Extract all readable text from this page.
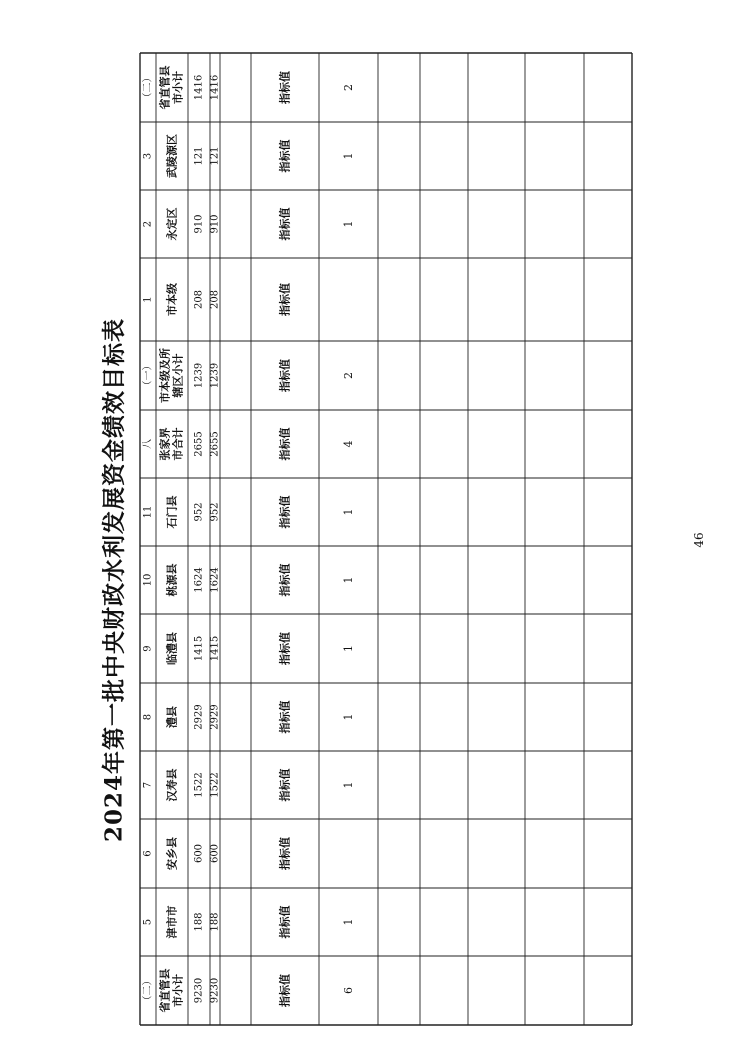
2024年第一批中央财政水利发展资金绩效目标表
（二） 省直管县 市小计 9230 9230	指标值	6
5 津市市 188 188	指标值	1
6 安乡县 600 600	指标值
7 汉寿县 1522 1522	指标值	1
8 澧县 2929 2929	指标值	1
9 临澧县 1415 1415	指标值	1
10 桃源县 1624 1624	指标值	1
11 石门县 952 952	指标值	1
八 张家界 市合计 2655 2655	指标值	4
（一） 市本级及所 辖区小计 1239 1239	指标值	2
1 市本级 208 208	指标值
2 永定区 910 910	指标值	1
3 武陵源区 121 121	指标值	1
（二） 省直管县 市小计 1416 1416	指标值	2
46
